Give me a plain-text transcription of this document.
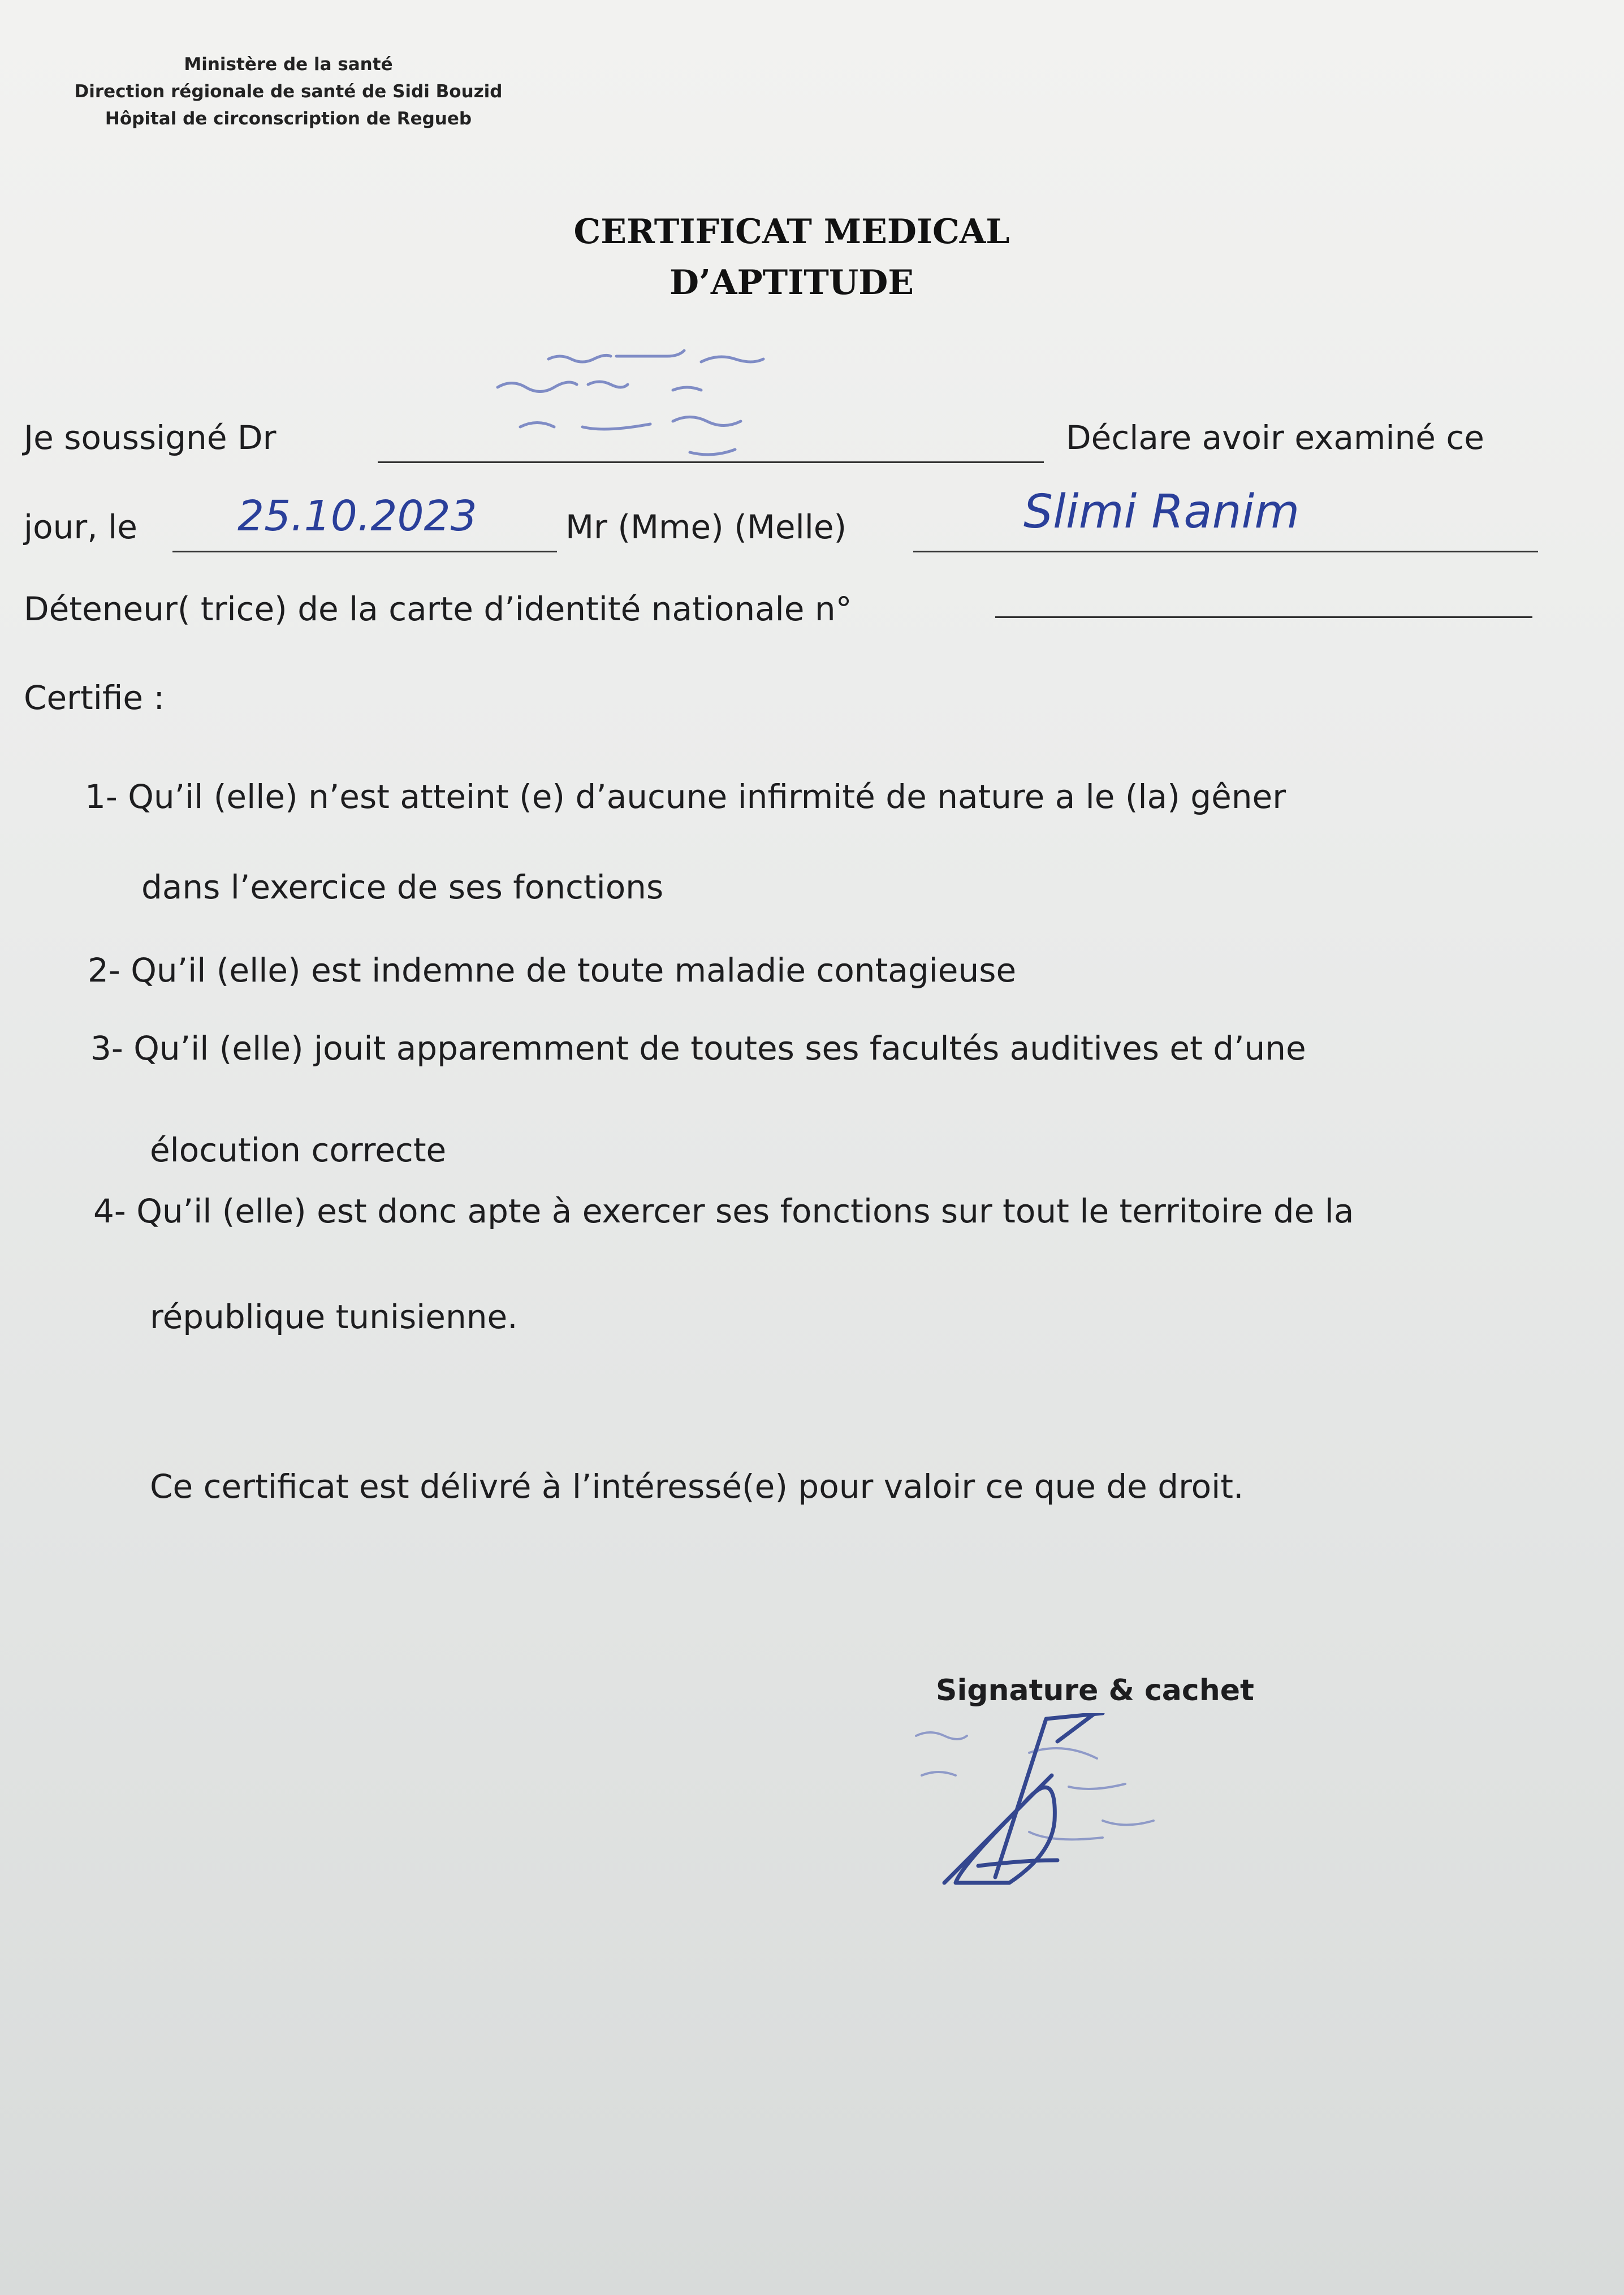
Ministère de la santé
Direction régionale de santé de Sidi Bouzid
Hôpital de circonscription de Regueb
CERTIFICAT MEDICAL
D’APTITUDE
Je soussigné Dr	Déclare avoir examiné ce
jour, le 25.10.2023	Mr (Mme) (Melle)	Slimi Ranim
Déteneur( trice) de la carte d’identité nationale n°
Certifie :
1- Qu’il (elle) n’est atteint (e) d’aucune infirmité de nature a le (la) gêner
dans l’exercice de ses fonctions
2- Qu’il (elle) est indemne de toute maladie contagieuse
3- Qu’il (elle) jouit apparemment de toutes ses facultés auditives et d’une
élocution correcte
4- Qu’il (elle) est donc apte à exercer ses fonctions sur tout le territoire de la
république tunisienne.
Ce certificat est délivré à l’intéressé(e) pour valoir ce que de droit.
Signature & cachet
